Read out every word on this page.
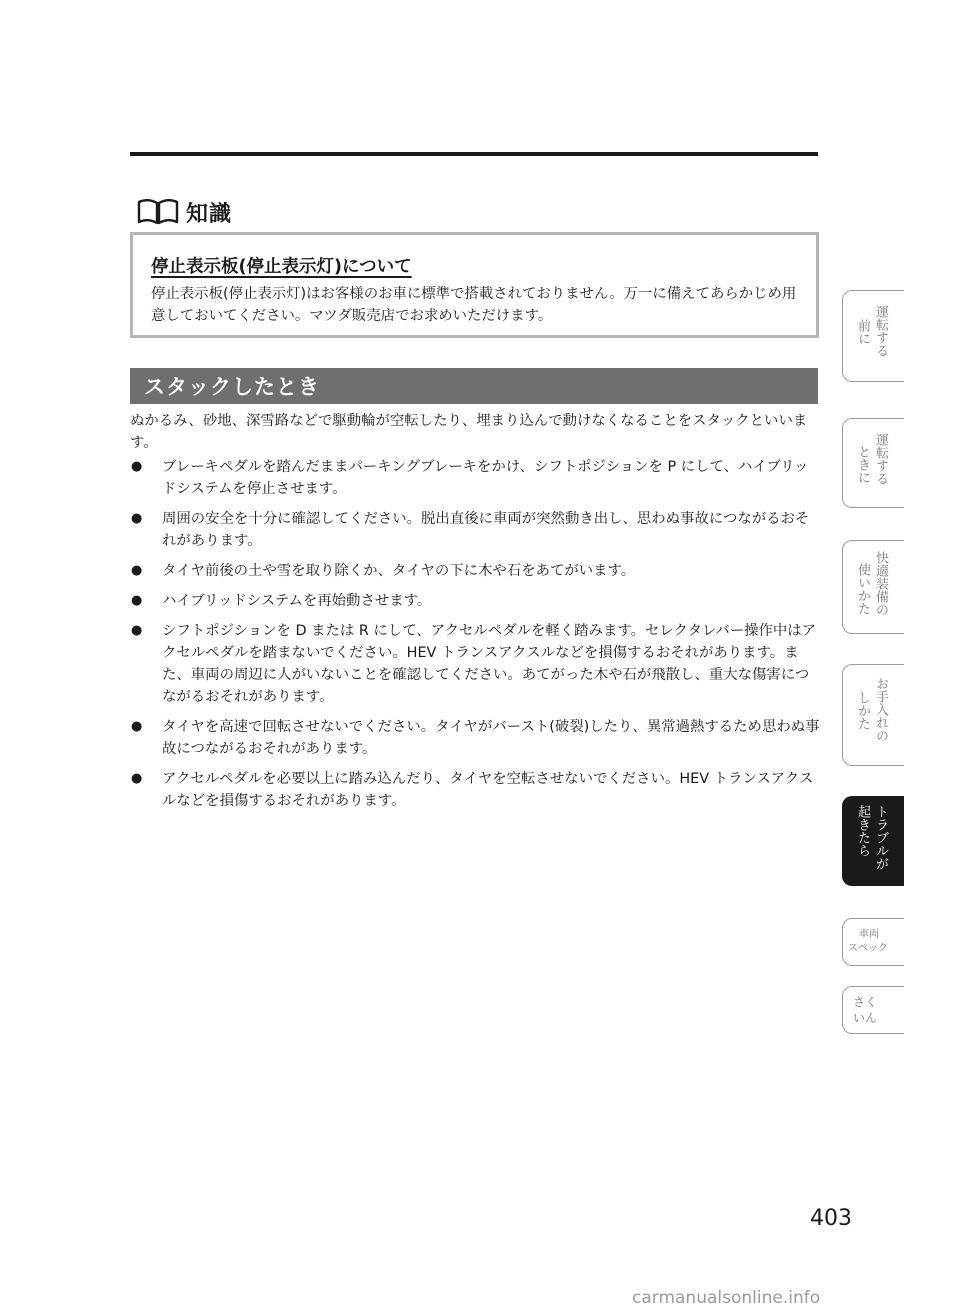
知識
停止表示板(停止表示灯)について
停止表示板(停止表示灯)はお客様のお車に標準で搭載されておりません。万一に備えてあらかじめ用意しておいてください。マツダ販売店でお求めいただけます。
スタックしたとき

ぬかるみ、砂地、深雪路などで駆動輪が空転したり、埋まり込んで動けなくなることをスタックといいます。

● ブレーキペダルを踏んだままパーキングブレーキをかけ、シフトポジションを P にして、ハイブリッドシステムを停止させます。
● 周囲の安全を十分に確認してください。脱出直後に車両が突然動き出し、思わぬ事故につながるおそれがあります。
● タイヤ前後の土や雪を取り除くか、タイヤの下に木や石をあてがいます。
● ハイブリッドシステムを再始動させます。
● シフトポジションを D または R にして、アクセルペダルを軽く踏みます。セレクタレバー操作中はアクセルペダルを踏まないでください。HEV トランスアクスルなどを損傷するおそれがあります。また、車両の周辺に人がいないことを確認してください。あてがった木や石が飛散し、重大な傷害につながるおそれがあります。
● タイヤを高速で回転させないでください。タイヤがバースト(破裂)したり、異常過熱するため思わぬ事故につながるおそれがあります。
● アクセルペダルを必要以上に踏み込んだり、タイヤを空転させないでください。HEV トランスアクスルなどを損傷するおそれがあります。
運転する
前に
運転する
ときに
快適装備の
使いかた
お手入れの
しかた
トラブルが
起きたら
車両
スペック
さく
いん
403
carmanualsonline.info
